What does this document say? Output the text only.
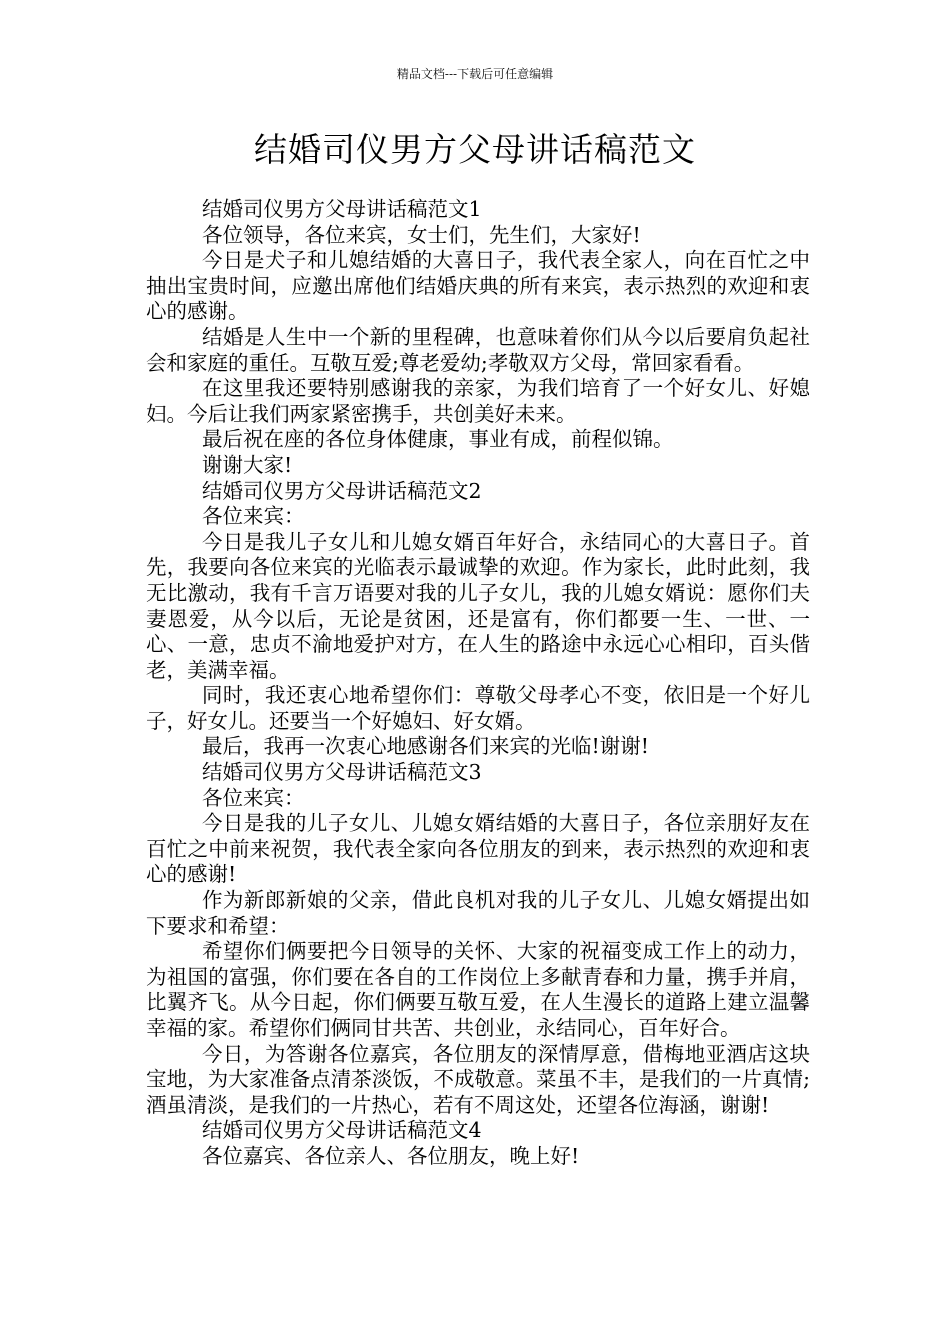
精品文档---下载后可任意编辑
结婚司仪男方父母讲话稿范文

结婚司仪男方父母讲话稿范文1

各位领导，各位来宾，女士们，先生们，大家好!

今日是犬子和儿媳结婚的大喜日子，我代表全家人，向在百忙之中抽出宝贵时间，应邀出席他们结婚庆典的所有来宾，表示热烈的欢迎和衷心的感谢。

结婚是人生中一个新的里程碑，也意味着你们从今以后要肩负起社会和家庭的重任。互敬互爱;尊老爱幼;孝敬双方父母，常回家看看。

在这里我还要特别感谢我的亲家，为我们培育了一个好女儿、好媳妇。今后让我们两家紧密携手，共创美好未来。

最后祝在座的各位身体健康，事业有成，前程似锦。

谢谢大家!

结婚司仪男方父母讲话稿范文2

各位来宾：

今日是我儿子女儿和儿媳女婿百年好合，永结同心的大喜日子。首先，我要向各位来宾的光临表示最诚挚的欢迎。作为家长，此时此刻，我无比激动，我有千言万语要对我的儿子女儿，我的儿媳女婿说：愿你们夫妻恩爱，从今以后，无论是贫困，还是富有，你们都要一生、一世、一心、一意，忠贞不渝地爱护对方，在人生的路途中永远心心相印，百头偕老，美满幸福。

同时，我还衷心地希望你们：尊敬父母孝心不变，依旧是一个好儿子，好女儿。还要当一个好媳妇、好女婿。

最后，我再一次衷心地感谢各们来宾的光临!谢谢!

结婚司仪男方父母讲话稿范文3

各位来宾：

今日是我的儿子女儿、儿媳女婿结婚的大喜日子，各位亲朋好友在百忙之中前来祝贺，我代表全家向各位朋友的到来，表示热烈的欢迎和衷心的感谢!

作为新郎新娘的父亲，借此良机对我的儿子女儿、儿媳女婿提出如下要求和希望：

希望你们俩要把今日领导的关怀、大家的祝福变成工作上的动力，为祖国的富强，你们要在各自的工作岗位上多献青春和力量，携手并肩，比翼齐飞。从今日起，你们俩要互敬互爱，在人生漫长的道路上建立温馨幸福的家。希望你们俩同甘共苦、共创业，永结同心，百年好合。

今日，为答谢各位嘉宾，各位朋友的深情厚意，借梅地亚酒店这块宝地，为大家准备点清茶淡饭，不成敬意。菜虽不丰，是我们的一片真情;酒虽清淡，是我们的一片热心，若有不周这处，还望各位海涵，谢谢!

结婚司仪男方父母讲话稿范文4

各位嘉宾、各位亲人、各位朋友，晚上好!
